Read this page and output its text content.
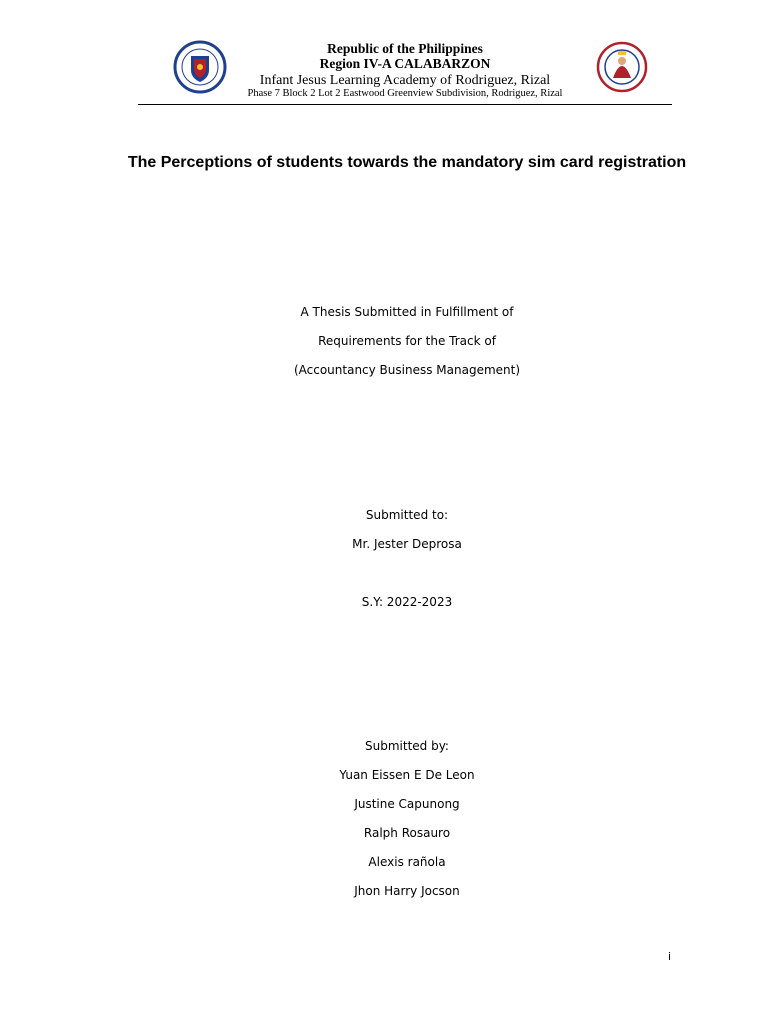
Republic of the Philippines
Region IV-A CALABARZON
Infant Jesus Learning Academy of Rodriguez, Rizal
Phase 7 Block 2 Lot 2 Eastwood Greenview Subdivision, Rodriguez, Rizal
The Perceptions of students towards the mandatory sim card registration
A Thesis Submitted in Fulfillment of
Requirements for the Track of
(Accountancy Business Management)
Submitted to:
Mr. Jester Deprosa
S.Y: 2022-2023
Submitted by:
Yuan Eissen E De Leon
Justine Capunong
Ralph Rosauro
Alexis rañola
Jhon Harry Jocson
i
